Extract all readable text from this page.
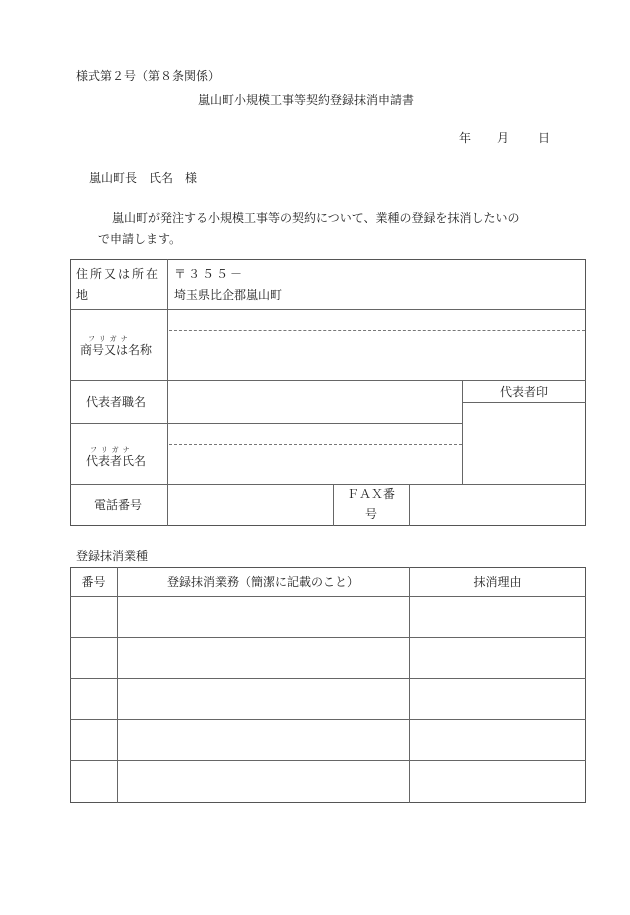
様式第２号（第８条関係）
嵐山町小規模工事等契約登録抹消申請書
年 月 日
嵐山町長　氏名　様
嵐山町が発注する小規模工事等の契約について、業種の登録を抹消したいの
で申請します。
住所又は所在
地
〒３５５－
埼玉県比企郡嵐山町
フリガナ
商号又は名称
代表者職名
代表者印
フリガナ
代表者氏名
電話番号
ＦＡＸ番
号
登録抹消業種
番号	登録抹消業務（簡潔に記載のこと）	抹消理由
